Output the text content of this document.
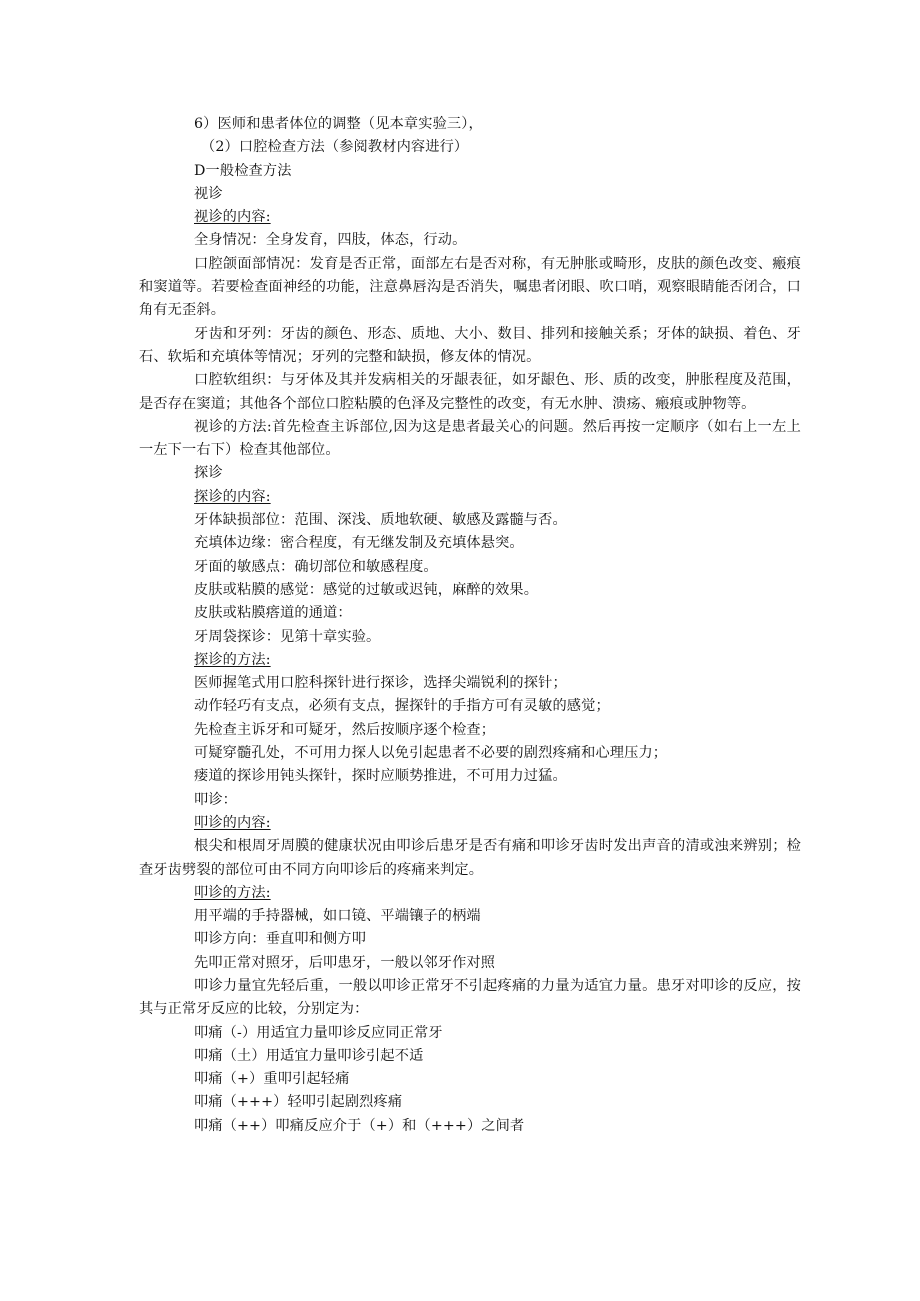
6）医师和患者体位的调整（见本章实验三），

（2）口腔检查方法（参阅教材内容进行）

D一般检查方法

视诊

视诊的内容:

全身情况：全身发育，四肢，体态，行动。

口腔颌面部情况：发育是否正常，面部左右是否对称，有无肿胀或畸形，皮肤的颜色改变、瘢痕和窦道等。若要检查面神经的功能，注意鼻唇沟是否消失，嘱患者闭眼、吹口哨，观察眼睛能否闭合，口角有无歪斜。

牙齿和牙列：牙齿的颜色、形态、质地、大小、数目、排列和接触关系；牙体的缺损、着色、牙石、软垢和充填体等情况；牙列的完整和缺损，修友体的情况。

口腔软组织：与牙体及其并发病相关的牙龈表征，如牙龈色、形、质的改变，肿胀程度及范围，是否存在窦道；其他各个部位口腔粘膜的色泽及完整性的改变，有无水肿、溃疡、瘢痕或肿物等。

视诊的方法:首先检查主诉部位,因为这是患者最关心的问题。然后再按一定顺序（如右上一左上一左下一右下）检查其他部位。

探诊

探诊的内容:

牙体缺损部位：范围、深浅、质地软硬、敏感及露髓与否。

充填体边缘：密合程度，有无继发制及充填体悬突。

牙面的敏感点：确切部位和敏感程度。

皮肤或粘膜的感觉：感觉的过敏或迟钝，麻醉的效果。

皮肤或粘膜瘩道的通道：

牙周袋探诊：见第十章实验。

探诊的方法:

医师握笔式用口腔科探针进行探诊，选择尖端锐利的探针；

动作轻巧有支点，必须有支点，握探针的手指方可有灵敏的感觉；

先检查主诉牙和可疑牙，然后按顺序逐个检查；

可疑穿髓孔处，不可用力探人以免引起患者不必要的剧烈疼痛和心理压力；

瘘道的探诊用钝头探针，探时应顺势推进，不可用力过猛。

叩诊：

叩诊的内容:

根尖和根周牙周膜的健康状况由叩诊后患牙是否有痛和叩诊牙齿时发出声音的清或浊来辨别；检查牙齿劈裂的部位可由不同方向叩诊后的疼痛来判定。

叩诊的方法:

用平端的手持器械，如口镜、平端镶子的柄端

叩诊方向：垂直叩和侧方叩

先叩正常对照牙，后叩患牙，一般以邻牙作对照

叩诊力量宜先轻后重，一般以叩诊正常牙不引起疼痛的力量为适宜力量。患牙对叩诊的反应，按其与正常牙反应的比较，分别定为：

叩痛（-）用适宜力量叩诊反应同正常牙

叩痛（土）用适宜力量叩诊引起不适

叩痛（+）重叩引起轻痛

叩痛（+++）轻叩引起剧烈疼痛

叩痛（++）叩痛反应介于（+）和（+++）之间者
